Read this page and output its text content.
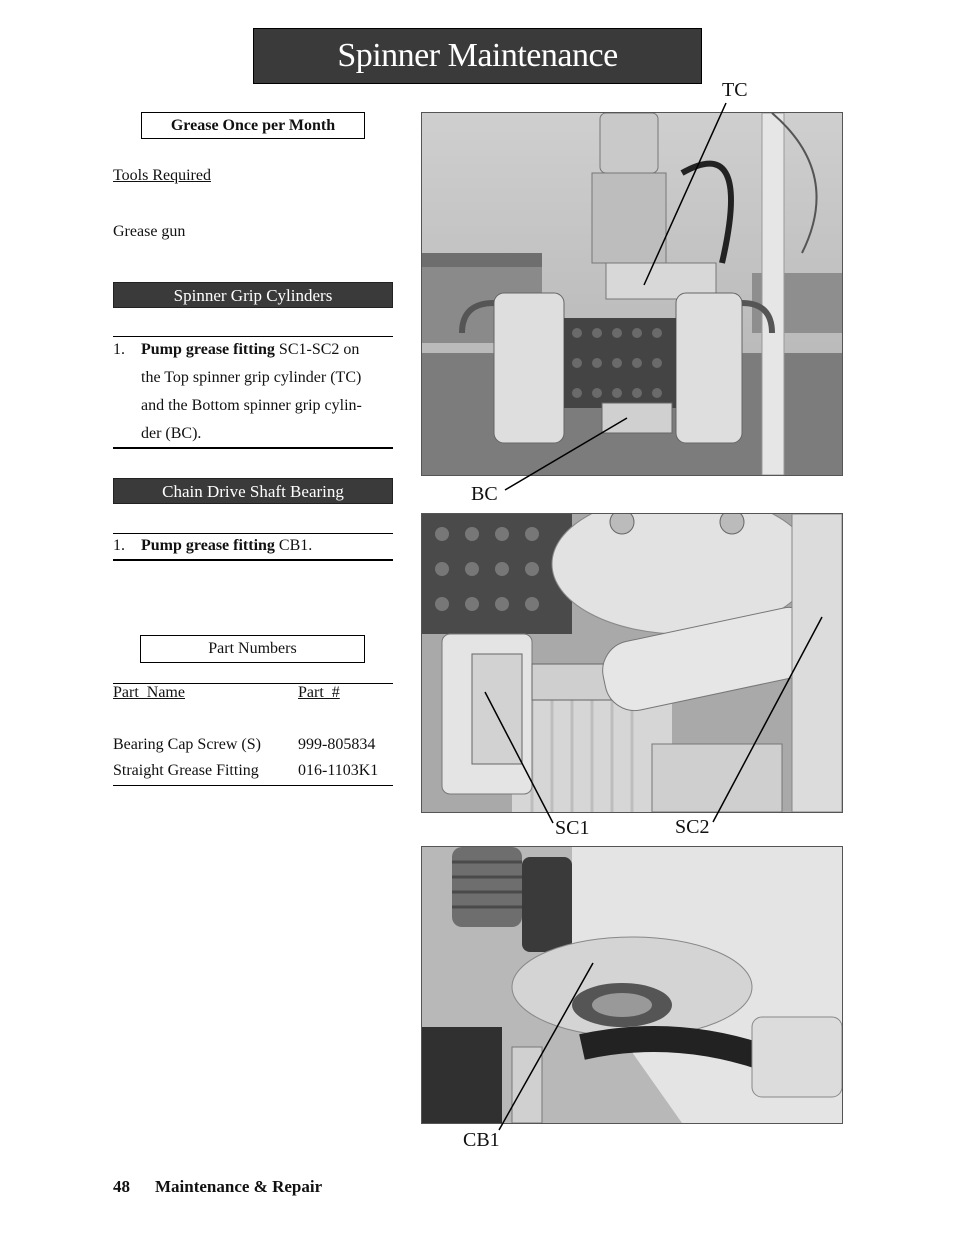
Spinner Maintenance
Grease Once per Month
Tools Required
Grease gun
Spinner Grip Cylinders
1. Pump grease fitting SC1-SC2 on
the Top spinner grip cylinder (TC)
and the Bottom spinner grip cylin-
der (BC).
Chain Drive Shaft Bearing
1. Pump grease fitting CB1.
Part Numbers
Part  Name	Part  #
Bearing Cap Screw (S) 999-805834
Straight Grease Fitting 016-1103K1
TC
BC
SC1	SC2
CB1
48 Maintenance & Repair
